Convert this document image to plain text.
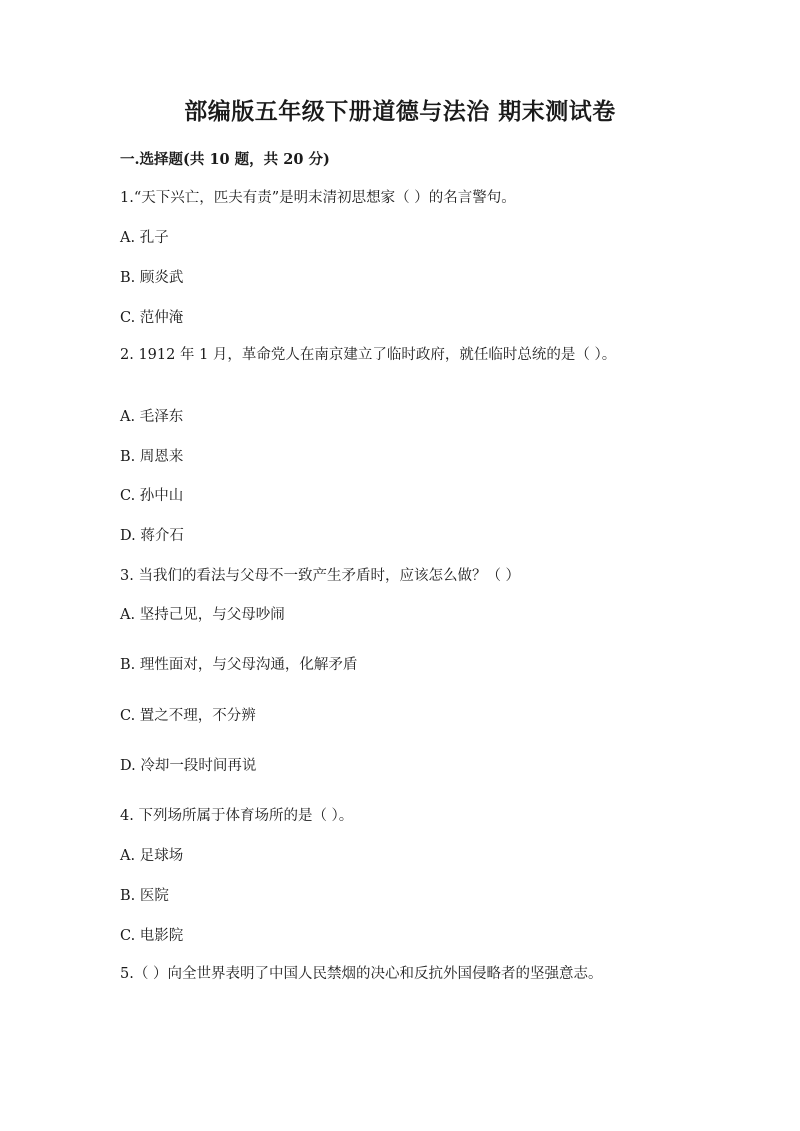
部编版五年级下册道德与法治 期末测试卷
一.选择题(共 10 题，共 20 分)
1.“天下兴亡，匹夫有责”是明末清初思想家（ ）的名言警句。
A. 孔子
B. 顾炎武
C. 范仲淹
2. 1912 年 1 月，革命党人在南京建立了临时政府，就任临时总统的是（ ）。
A. 毛泽东
B. 周恩来
C. 孙中山
D. 蒋介石
3. 当我们的看法与父母不一致产生矛盾时，应该怎么做？（ ）
A. 坚持己见，与父母吵闹
B. 理性面对，与父母沟通，化解矛盾
C. 置之不理，不分辨
D. 冷却一段时间再说
4. 下列场所属于体育场所的是（ ）。
A. 足球场
B. 医院
C. 电影院
5.（ ）向全世界表明了中国人民禁烟的决心和反抗外国侵略者的坚强意志。
